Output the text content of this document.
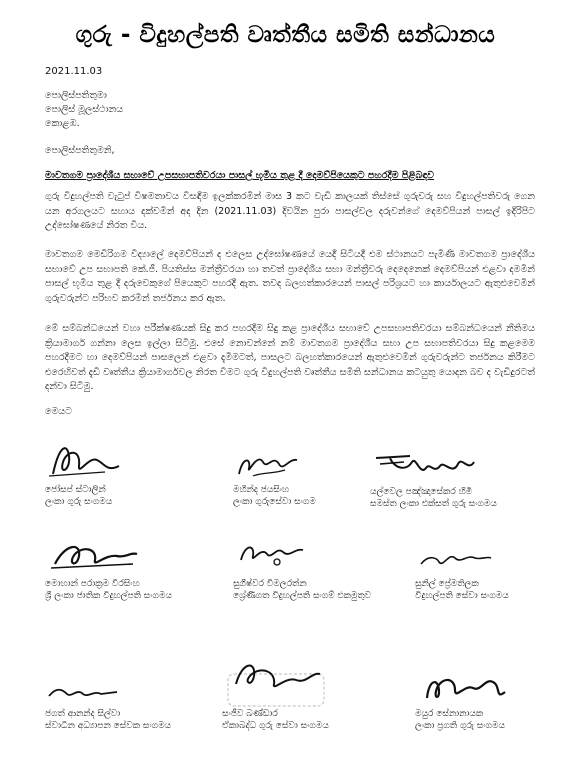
ගුරු - විදුහල්පති වෘත්තීය සමිති සන්ධානය
2021.11.03
පොලිස්පතිතුමා
පොලිස් මූලස්ථානය
කොළඹ.
පොලිස්පතිතුමනි,
මාවතගම ප්‍රාදේශීය සභාවේ උපසභාපතිවරයා පාසල් භූමිය තුළ දී දෙමව්පියෙකුට පහරදීම පිළිබඳව
ගුරු විදුහල්පති වැටුප් විෂමතාවය විසඳීම ඉලක්කරමින් මාස 3 කට වැඩි කාලයක් තිස්සේ ගුරුවරු සහ විදුහල්පතිවරු ගෙන යන අරගලයට සහාය දක්වමින් අද දින (2021.11.03) දිවයින පුරා පාසල්වල දරුවන්ගේ දෙමව්පියන් පාසල් ඉදිරිපිට උද්ඝෝෂණයේ නිරත විය.
මාවතගම මෙඩිරිගම විද්‍යාලේ දෙමව්පියන් ද එලෙස උද්ඝෝෂණයේ යෙදී සිටියදී එම ස්ථානයට පැමිණි මාවතගම ප්‍රාදේශීය සභාවේ උප සභාපති කේ.ජී. පියතිස්ස මන්ත්‍රීවරයා හා තවත් ප්‍රාදේශීය සභා මන්ත්‍රීවරු දෙදෙනෙක් දෙමව්පියන් එළවා දමමින් පාසල් භූමිය තුළ දී දරුවෙකුගේ පියෙකුට පහරදී ඇත. තවද බලහත්කාරයෙන් පාසල් පරිශ්‍රයට හා කාර්යාලයට ඇතුළුවෙමින් ගුරුවරුන්ට පරිභව කරමින් තර්ජනය කර ඇත.
මේ සම්බන්ධයෙන් වහා පරීක්ෂණයක් සිදු කර පහරදීම සිදු කළ ප්‍රාදේශීය සභාවේ උපසභාපතිවරයා සම්බන්ධයෙන් නීතිමය ක්‍රියාමාර්ග ගන්නා ලෙස ඉල්ලා සිටිමු. එසේ නොවන්නේ නම් මාවතගම ප්‍රාදේශීය සභා උප සභාපතිවරයා සිදු කළමෙම පහරදීමට හා දෙමව්පියන් පාසලෙන් එළවා දැමීමටත්, පාසලට බලහත්කාරයෙන් ඇතුළුවෙමින් ගුරුවරුන්ට තර්ජනය කිරීමට එරෙහිවත් දැඩි වෘත්තීය ක්‍රියාමාර්ගවල නිරත විමට ගුරු විදුහල්පති වෘත්තීය සමිති සන්ධානය කටයුතු යොදන බව ද වැඩිදුරටත් දන්වා සිටිමු.
මෙයට
ජෝසප් ස්ටාලින්
ලංකා ගුරු සංගමය
මහින්ද ජයසිංහ
ලංකා ගුරුසේවා සංගම
යල්වෙල පඤ්ඤාසේකර හිමි
සමස්ත ලංකා එක්සත් ගුරු සංගමය
මොහාන් පරාක්‍රම වීරසිංහ
ශ්‍රී ලංකා ජාතික විදුහල්පති සංගමය
සුගීෂ්වර විමලරත්න
ශ්‍රේණිගත විදුහල්පති සංගම් එකමුතුව
සුනිල් ප්‍රේමතිලක
විදුහල්පති සේවා සංගමය
ජගත් ආනන්ද සිල්වා
ස්වාධීන අධ්‍යාපන සේවක සංගමය
සංජීව බණ්ඩාර
ඒකාබද්ධ ගුරු සේවා සංගමය
මයුර සේනානායක
ලංකා ප්‍රගති ගුරු සංගමය
